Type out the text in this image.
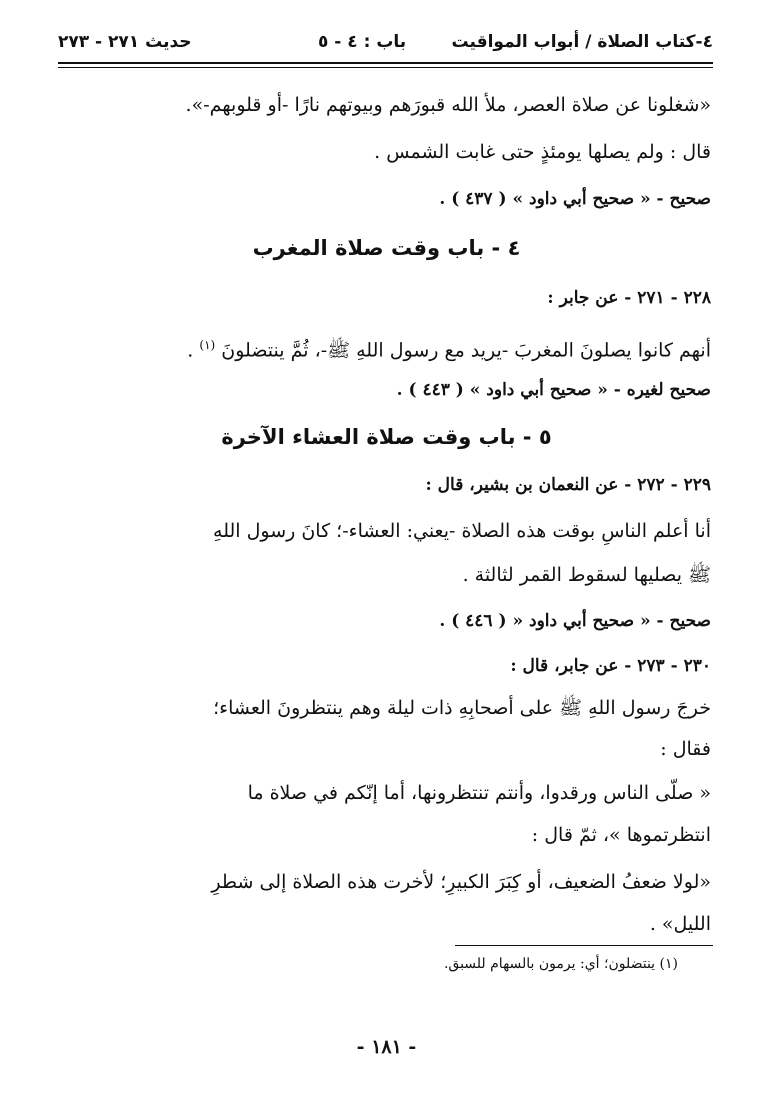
٤-كتاب الصلاة / أبواب المواقيت
باب : ٤ - ٥
حديث ٢٧١ - ٢٧٣
«شغلونا عن صلاة العصر، ملأ الله قبورَهم وبيوتهم نارًا -أو قلوبهم-».
قال : ولم يصلها يومئذٍ حتى غابت الشمس .
صحيح - « صحيح أبي داود » ( ٤٣٧ ) .
٤ - باب وقت صلاة المغرب
٢٢٨ - ٢٧١ - عن جابر :
أنهم كانوا يصلونَ المغربَ -يريد مع رسول اللهِ ﷺ-، ثُمَّ ينتضلونَ $^{(١)}$ .
صحيح لغيره - « صحيح أبي داود » ( ٤٤٣ ) .
٥ - باب وقت صلاة العشاء الآخرة
٢٢٩ - ٢٧٢ - عن النعمان بن بشير، قال :
أنا أعلم الناسِ بوقت هذه الصلاة -يعني: العشاء-؛ كانَ رسول اللهِ
ﷺ يصليها لسقوط القمر لثالثة .
صحيح - « صحيح أبي داود « ( ٤٤٦ ) .
٢٣٠ - ٢٧٣ - عن جابر، قال :
خرجَ رسول اللهِ ﷺ على أصحابِهِ ذات ليلة وهم ينتظرونَ العشاء؛
فقال :
« صلّى الناس ورقدوا، وأنتم تنتظرونها، أما إنّكم في صلاة ما
انتظرتموها »، ثمّ قال :
«لولا ضعفُ الضعيف، أو كِبَرَ الكبيرِ؛ لأخرت هذه الصلاة إلى شطرِ
الليل» .
(١) ينتضلون؛ أي: يرمون بالسهام للسبق.
- ١٨١ -
